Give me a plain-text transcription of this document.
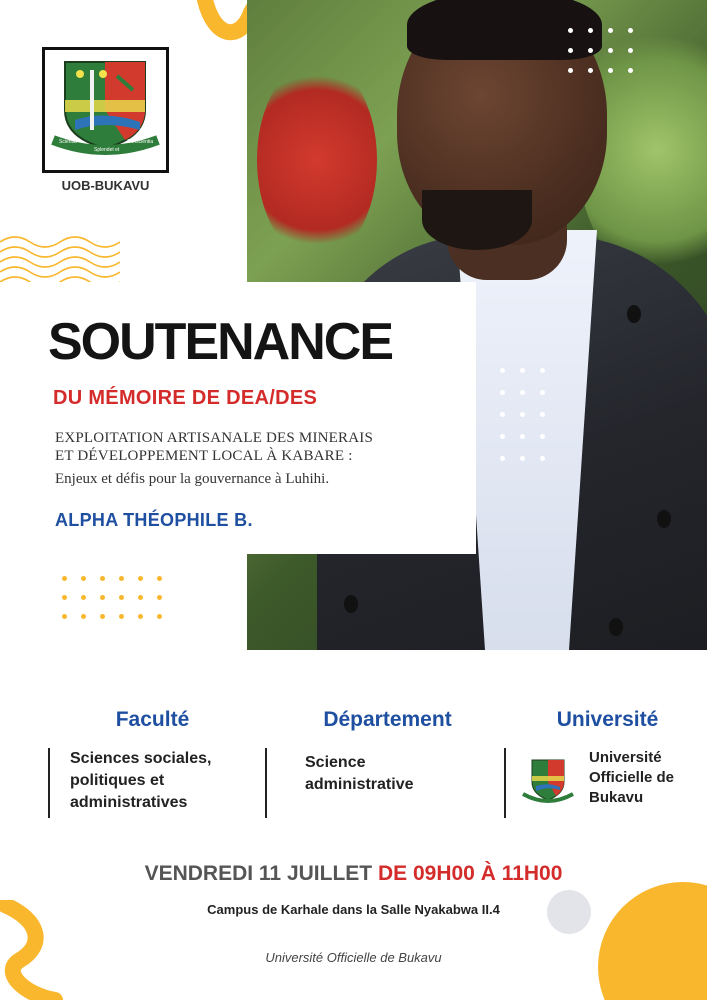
Scientia
Splendet et
Conscientia
UOB-BUKAVU
SOUTENANCE
DU MÉMOIRE DE DEA/DES
EXPLOITATION ARTISANALE DES MINERAIS
ET DÉVELOPPEMENT LOCAL À KABARE :
Enjeux et défis pour la gouvernance à Luhihi.
ALPHA THÉOPHILE B.
Faculté	Département	Université
Sciences sociales,
politiques et
administratives
Science
administrative
Université
Officielle de
Bukavu
VENDREDI 11 JUILLET DE 09H00 À 11H00
Campus de Karhale dans la Salle Nyakabwa II.4
Université Officielle de Bukavu
